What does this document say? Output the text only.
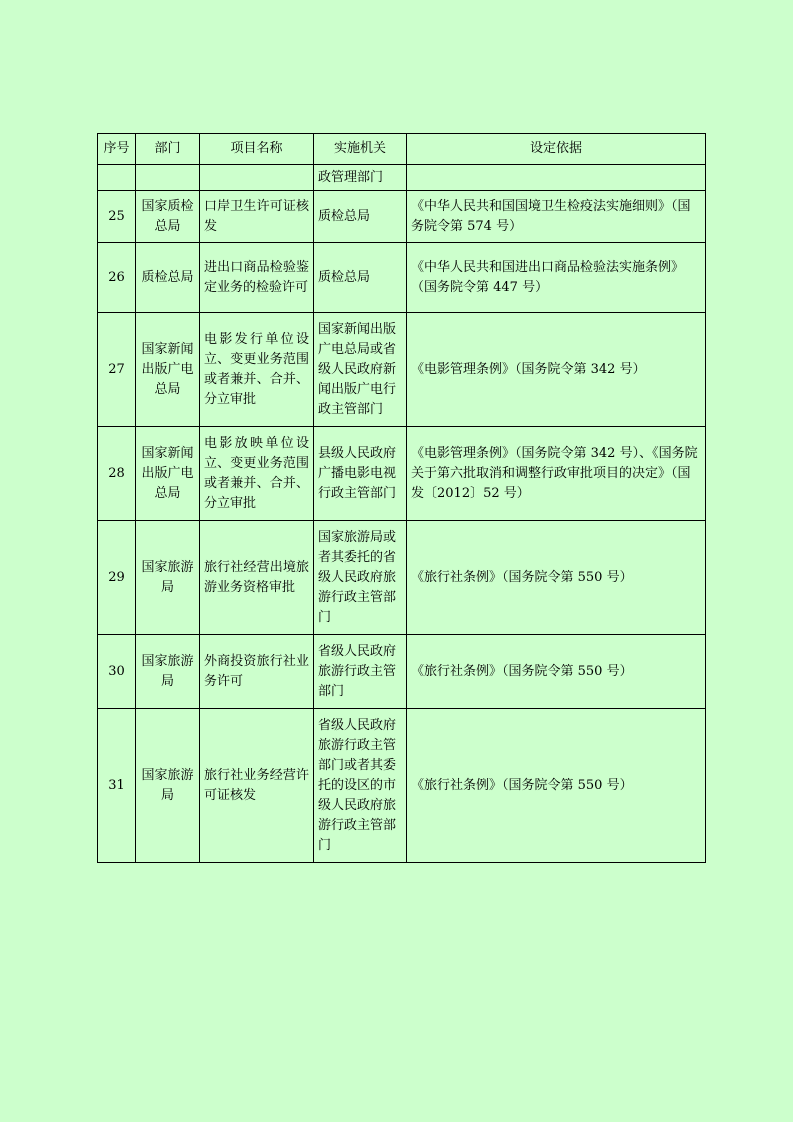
序号	部门	项目名称	实施机关	设定依据
			政管理部门	
25	国家质检总局	口岸卫生许可证核发	质检总局	《中华人民共和国国境卫生检疫法实施细则》（国务院令第 574 号）
26	质检总局	进出口商品检验鉴定业务的检验许可	质检总局	《中华人民共和国进出口商品检验法实施条例》（国务院令第 447 号）
27	国家新闻出版广电总局	电影发行单位设立、变更业务范围或者兼并、合并、分立审批	国家新闻出版广电总局或省级人民政府新闻出版广电行政主管部门	《电影管理条例》（国务院令第 342 号）
28	国家新闻出版广电总局	电影放映单位设立、变更业务范围或者兼并、合并、分立审批	县级人民政府广播电影电视行政主管部门	《电影管理条例》（国务院令第 342 号）、《国务院关于第六批取消和调整行政审批项目的决定》（国发〔2012〕52 号）
29	国家旅游局	旅行社经营出境旅游业务资格审批	国家旅游局或者其委托的省级人民政府旅游行政主管部门	《旅行社条例》（国务院令第 550 号）
30	国家旅游局	外商投资旅行社业务许可	省级人民政府旅游行政主管部门	《旅行社条例》（国务院令第 550 号）
31	国家旅游局	旅行社业务经营许可证核发	省级人民政府旅游行政主管部门或者其委托的设区的市级人民政府旅游行政主管部门	《旅行社条例》（国务院令第 550 号）
